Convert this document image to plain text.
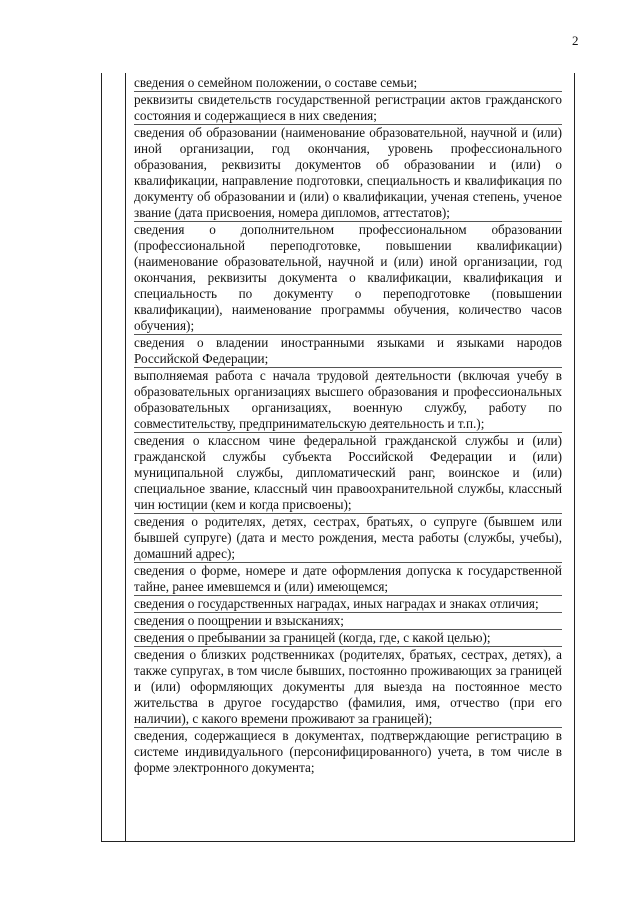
2

сведения о семейном положении, о составе семьи;

реквизиты свидетельств государственной регистрации актов гражданского состояния и содержащиеся в них сведения;

сведения об образовании (наименование образовательной, научной и (или) иной организации, год окончания, уровень профессионального образования, реквизиты документов об образовании и (или) о квалификации, направление подготовки, специальность и квалификация по документу об образовании и (или) о квалификации, ученая степень, ученое звание (дата присвоения, номера дипломов, аттестатов);

сведения о дополнительном профессиональном образовании (профессиональной переподготовке, повышении квалификации) (наименование образовательной, научной и (или) иной организации, год окончания, реквизиты документа о квалификации, квалификация и специальность по документу о переподготовке (повышении квалификации), наименование программы обучения, количество часов обучения);

сведения о владении иностранными языками и языками народов Российской Федерации;

выполняемая работа с начала трудовой деятельности (включая учебу в образовательных организациях высшего образования и профессиональных образовательных организациях, военную службу, работу по совместительству, предпринимательскую деятельность и т.п.);

сведения о классном чине федеральной гражданской службы и (или) гражданской службы субъекта Российской Федерации и (или) муниципальной службы, дипломатический ранг, воинское и (или) специальное звание, классный чин правоохранительной службы, классный чин юстиции (кем и когда присвоены);

сведения о родителях, детях, сестрах, братьях, о супруге (бывшем или бывшей супруге) (дата и место рождения, места работы (службы, учебы), домашний адрес);

сведения о форме, номере и дате оформления допуска к государственной тайне, ранее имевшемся и (или) имеющемся;

сведения о государственных наградах, иных наградах и знаках отличия;

сведения о поощрении и взысканиях;

сведения о пребывании за границей (когда, где, с какой целью);

сведения о близких родственниках (родителях, братьях, сестрах, детях), а также супругах, в том числе бывших, постоянно проживающих за границей и (или) оформляющих документы для выезда на постоянное место жительства в другое государство (фамилия, имя, отчество (при его наличии), с какого времени проживают за границей);

сведения, содержащиеся в документах, подтверждающие регистрацию в системе индивидуального (персонифицированного) учета, в том числе в форме электронного документа;
